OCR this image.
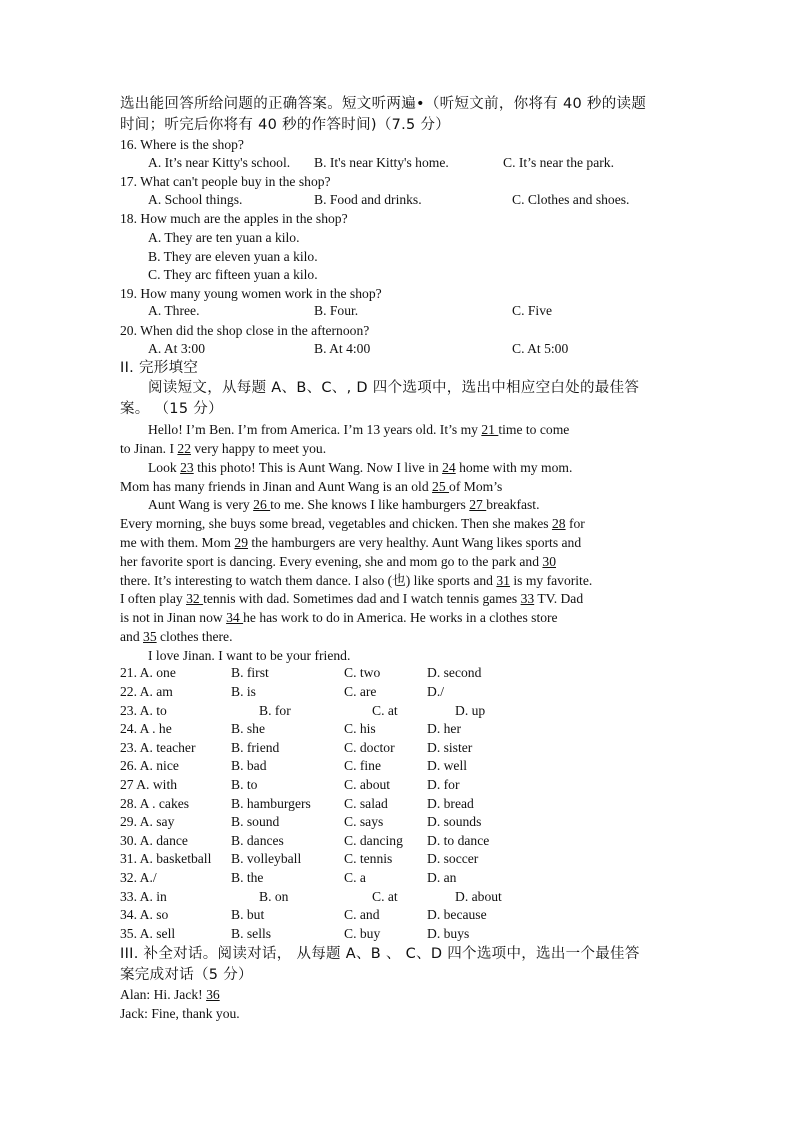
选出能回答所给问题的正确答案。短文听两遍•（听短文前，你将有 40 秒的读题
时间；听完后你将有 40 秒的作答时间)（7.5 分）
16. Where is the shop?
A. It’s near Kitty's school. B. It's near Kitty's home.	C. It’s near the park.
17. What can't people buy in the shop?
A. School things.	B. Food and drinks.	C. Clothes and shoes.
18. How much are the apples in the shop?
A. They are ten yuan a kilo.
B. They are eleven yuan a kilo.
C. They arc fifteen yuan a kilo.
19. How many young women work in the shop?
A. Three.	B. Four.	C. Five
20. When did the shop close in the afternoon?
A. At 3:00	B. At 4:00	C. At 5:00
II. 完形填空
阅读短文，从每题 A、B、C、, D 四个选项中，选出中相应空白处的最佳答
案。 （15 分）

Hello! I’m Ben. I’m from America. I’m 13 years old. It’s my 21 time to come

to Jinan. I 22 very happy to meet you.

Look 23 this photo! This is Aunt Wang. Now I live in 24 home with my mom.

Mom has many friends in Jinan and Aunt Wang is an old 25 of Mom’s

Aunt Wang is very 26 to me. She knows I like hamburgers 27 breakfast.

Every morning, she buys some bread, vegetables and chicken. Then she makes 28 for
me with them. Mom 29 the hamburgers are very healthy. Aunt Wang likes sports and
her favorite sport is dancing. Every evening, she and mom go to the park and 30
there. It’s interesting to watch them dance. I also (也) like sports and 31 is my favorite.
I often play 32 tennis with dad. Sometimes dad and I watch tennis games 33 TV. Dad
is not in Jinan now 34 he has work to do in America. He works in a clothes store
and 35 clothes there.

I love Jinan. I want to be your friend.

21. A. one	B. first	C. two	D. second
22. A. am	B. is	C. are	D./
23. A. to	B. for	C. at	D. up
24. A . he	B. she	C. his	D. her
23. A. teacher	B. friend	C. doctor D. sister
26. A. nice	B. bad	C. fine	D. well
27 A. with	B. to	C. about	D. for
28. A . cakes	B. hamburgers C. salad	D. bread
29. A. say	B. sound	C. says	D. sounds
30. A. dance	B. dances	C. dancing D. to dance
31. A. basketball B. volleyball	C. tennis	D. soccer
32. A./	B. the	C. a	D. an
33. A. in	B. on	C. at	D. about
34. A. so	B. but	C. and	D. because
35. A. sell	B. sells	C. buy	D. buys
III. 补全对话。阅读对话， 从每题 A、B 、 C、D 四个选项中，选出一个最佳答
案完成对话（5 分）
Alan: Hi. Jack! 36
Jack: Fine, thank you.
